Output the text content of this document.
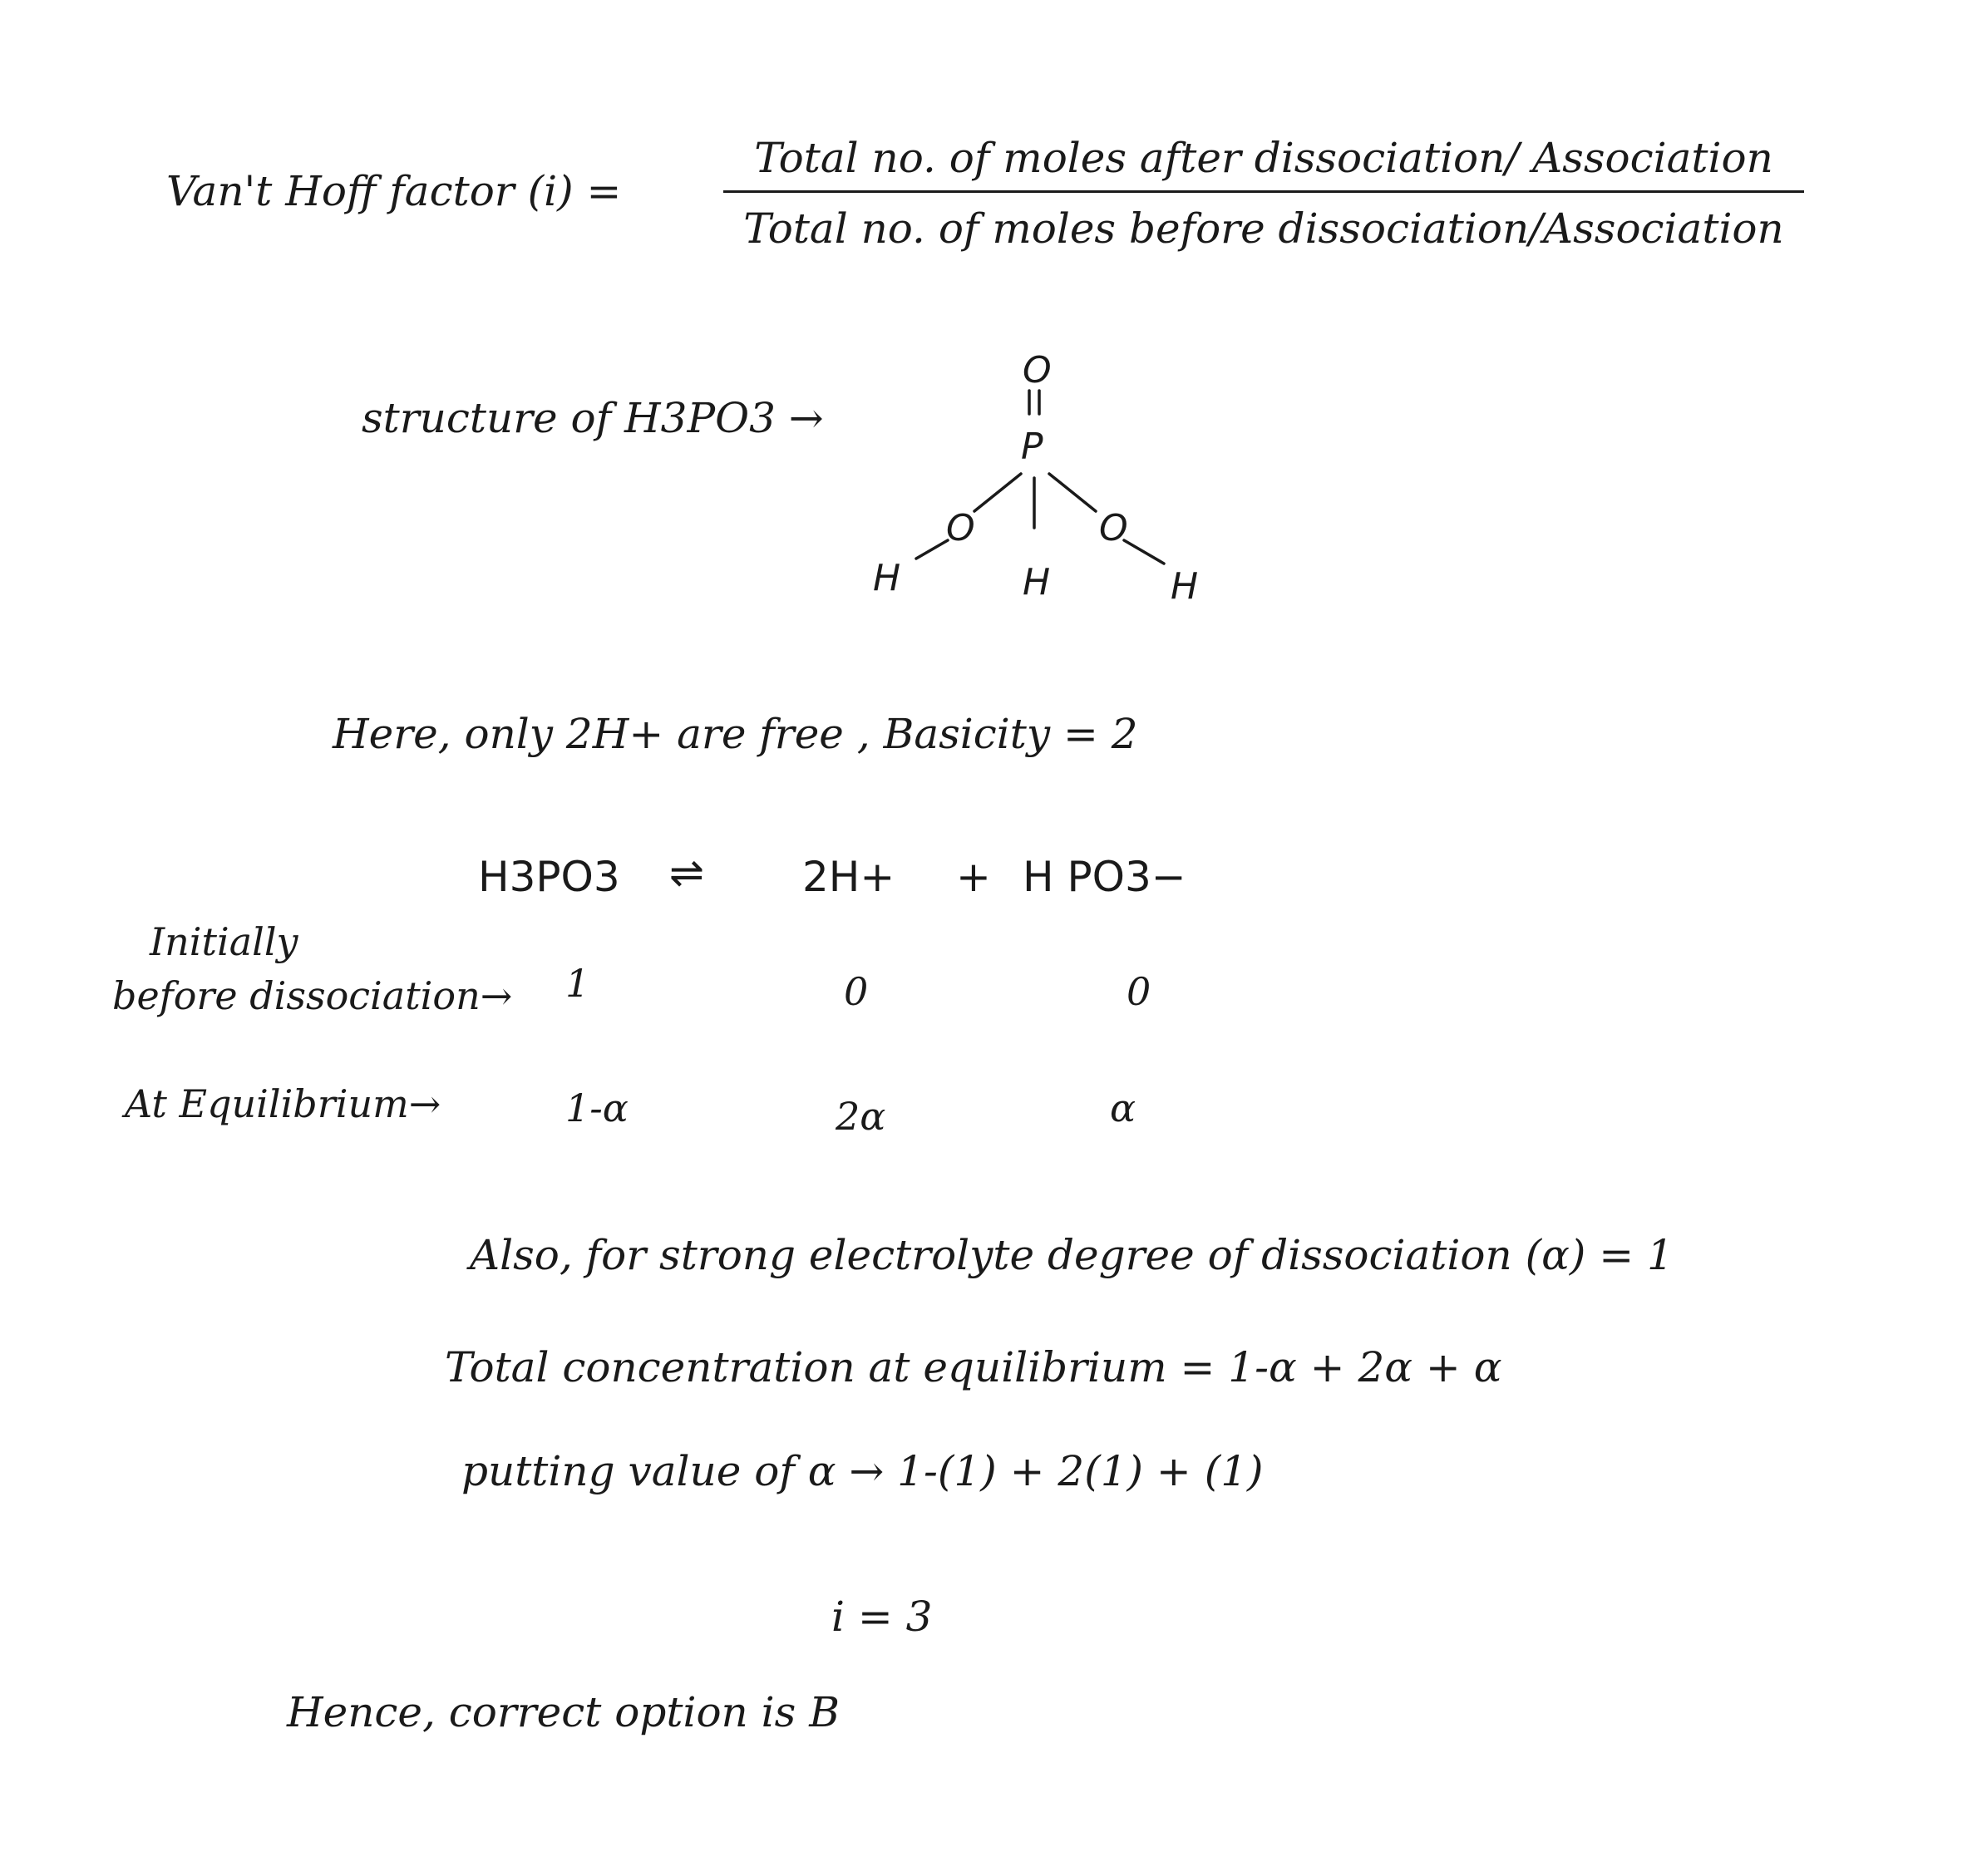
Van't Hoff factor (i) =
Total no. of moles after dissociation/ Association
Total no. of moles before dissociation/Association
structure of H3PO3 →
O
P
O	O
H	H	H
Here, only 2H+ are free , Basicity = 2
H3PO3 ⇌ 2H+ + H PO3−
Initially
before dissociation→ 1	0	0
At Equilibrium→	1-α	2α	α
Also, for strong electrolyte degree of dissociation (α) = 1
Total concentration at equilibrium = 1-α + 2α + α
putting value of α → 1-(1) + 2(1) + (1)
i = 3
Hence, correct option is B
